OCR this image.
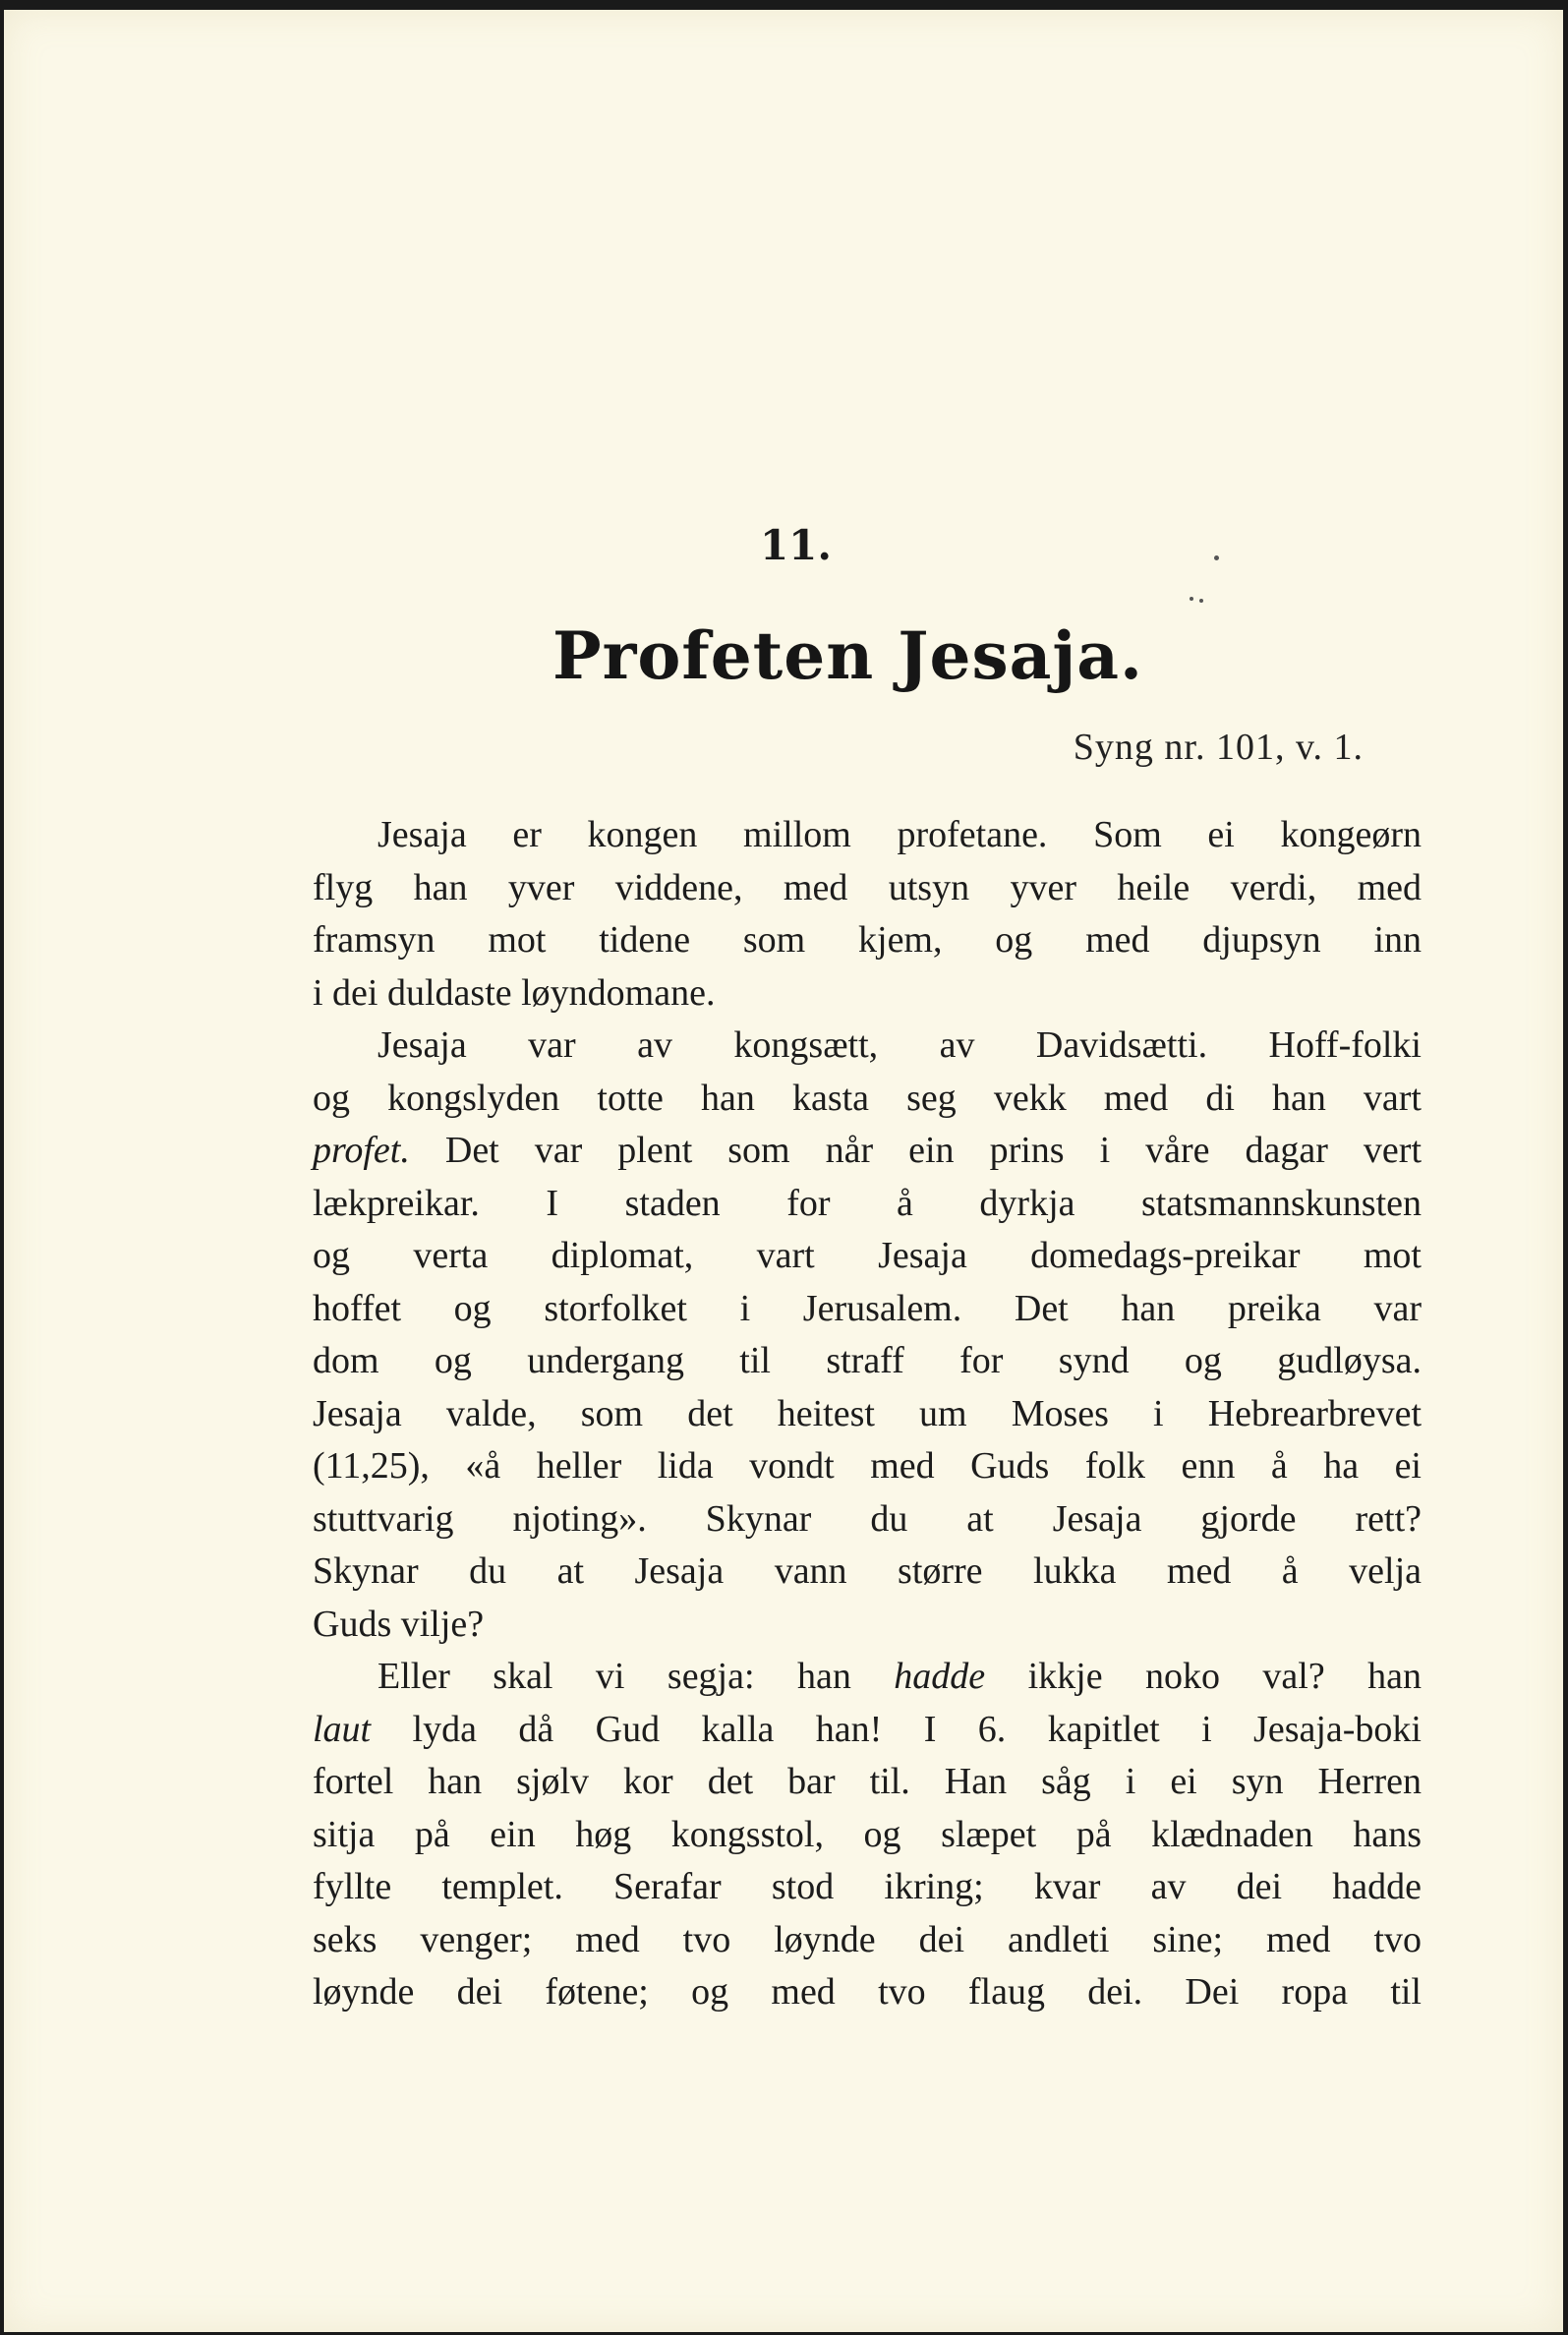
11.
Profeten Jesaja.
Syng nr. 101, v. 1.
Jesaja er kongen millom profetane. Som ei kongeørn
flyg han yver viddene, med utsyn yver heile verdi, med
framsyn mot tidene som kjem, og med djupsyn inn
i dei duldaste løyndomane.
Jesaja var av kongsætt, av Davidsætti. Hoff-folki
og kongslyden totte han kasta seg vekk med di han vart
profet. Det var plent som når ein prins i våre dagar vert
lækpreikar. I staden for å dyrkja statsmannskunsten
og verta diplomat, vart Jesaja domedags-preikar mot
hoffet og storfolket i Jerusalem. Det han preika var
dom og undergang til straff for synd og gudløysa.
Jesaja valde, som det heitest um Moses i Hebrearbrevet
(11,25), «å heller lida vondt med Guds folk enn å ha ei
stuttvarig njoting». Skynar du at Jesaja gjorde rett?
Skynar du at Jesaja vann større lukka med å velja
Guds vilje?
Eller skal vi segja: han hadde ikkje noko val? han
laut lyda då Gud kalla han! I 6. kapitlet i Jesaja-boki
fortel han sjølv kor det bar til. Han såg i ei syn Herren
sitja på ein høg kongsstol, og slæpet på klædnaden hans
fyllte templet. Serafar stod ikring; kvar av dei hadde
seks venger; med tvo løynde dei andleti sine; med tvo
løynde dei føtene; og med tvo flaug dei. Dei ropa til
